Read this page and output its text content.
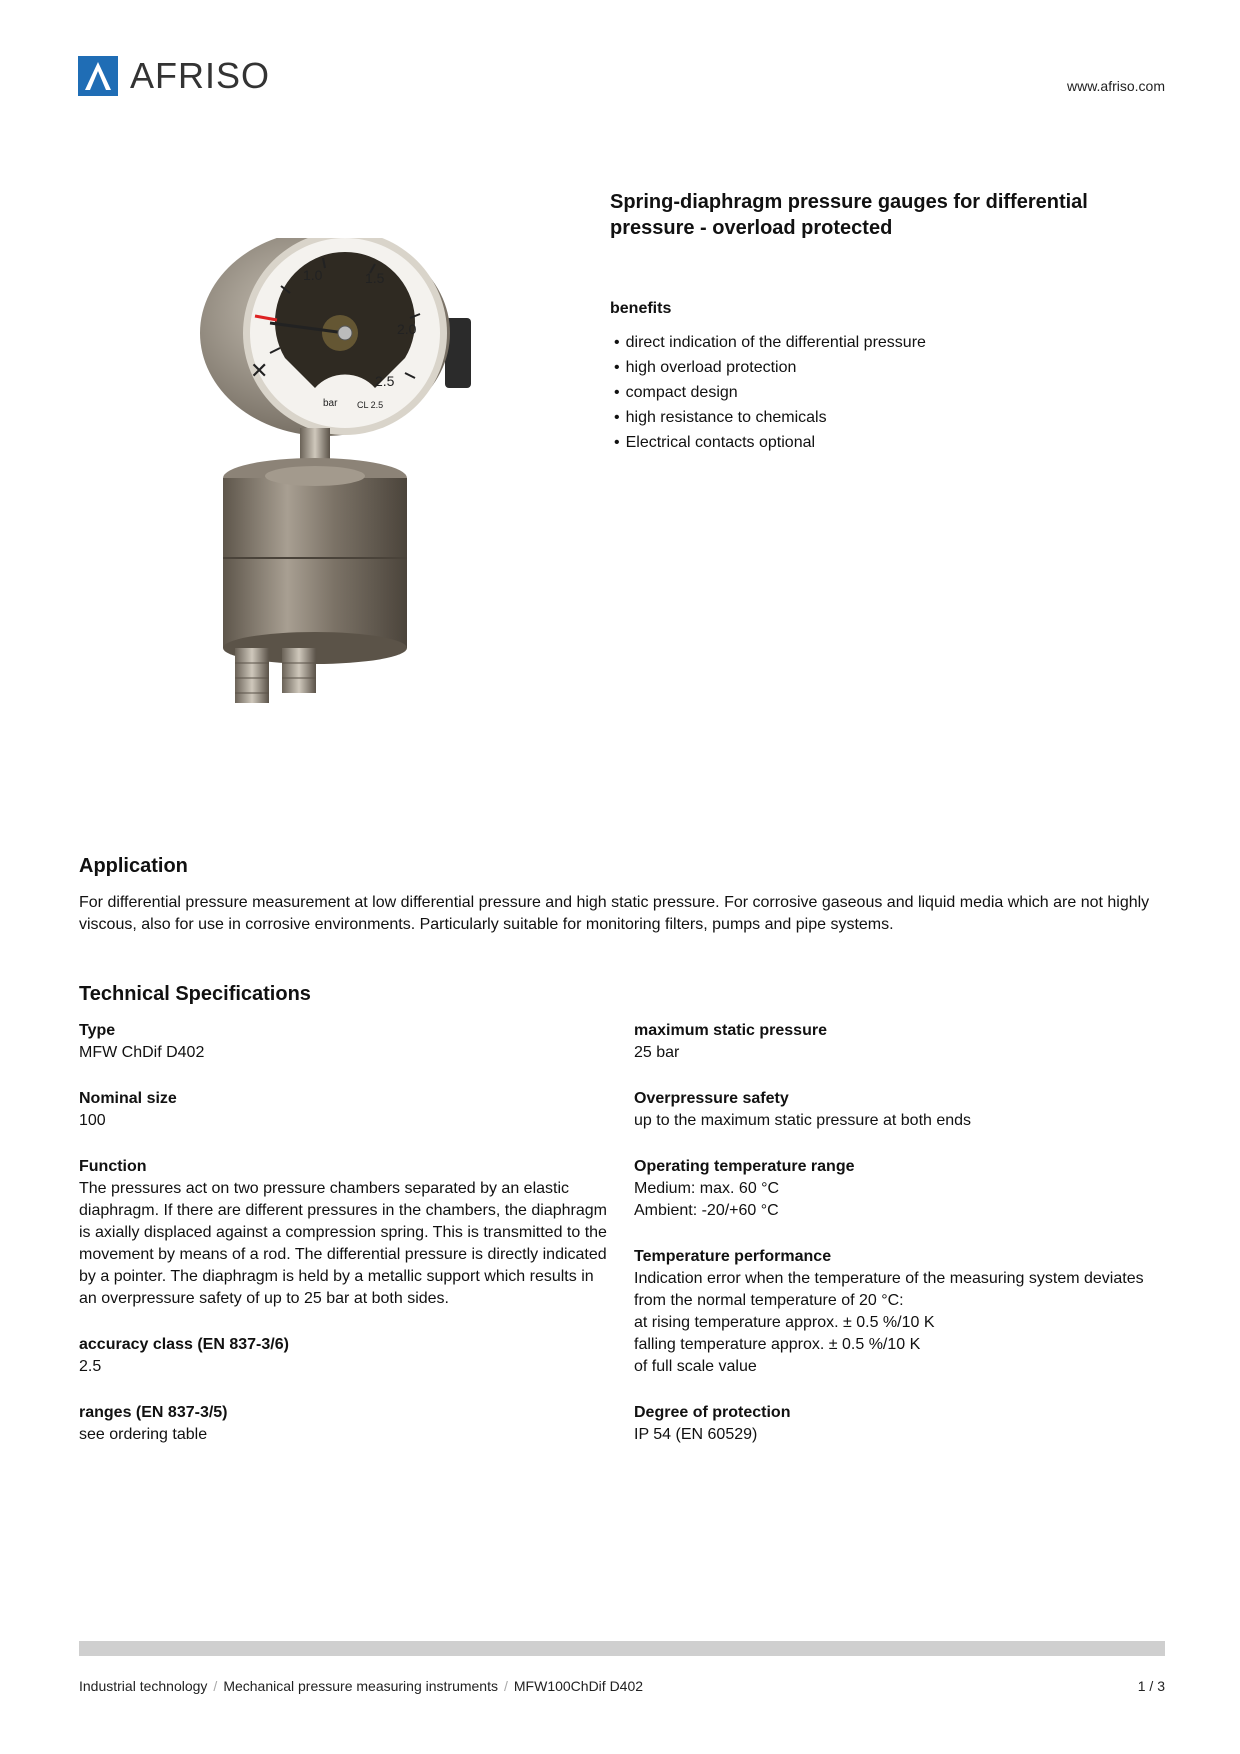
AFRISO	www.afriso.com
1.0	1.5
2.0
2.5
bar CL 2.5
✕
Spring-diaphragm pressure gauges for differential pressure - overload protected
benefits
• direct indication of the differential pressure
• high overload protection
• compact design
• high resistance to chemicals
• Electrical contacts optional
Application
For differential pressure measurement at low differential pressure and high static pressure. For corrosive gaseous and liquid media which are not highly viscous, also for use in corrosive environments. Particularly suitable for monitoring filters, pumps and pipe systems.
Technical Specifications
Type
MFW ChDif D402
Nominal size
100
Function
The pressures act on two pressure chambers separated by an elastic diaphragm. If there are different pressures in the chambers, the diaphragm is axially displaced against a compression spring. This is transmitted to the movement by means of a rod. The differential pressure is directly indicated by a pointer. The diaphragm is held by a metallic support which results in an overpressure safety of up to 25 bar at both sides.
accuracy class (EN 837-3/6)
2.5
ranges (EN 837-3/5)
see ordering table
maximum static pressure
25 bar
Overpressure safety
up to the maximum static pressure at both ends
Operating temperature range
Medium: max. 60 °C
Ambient: -20/+60 °C
Temperature performance
Indication error when the temperature of the measuring system deviates from the normal temperature of 20 °C:
at rising temperature approx. ± 0.5 %/10 K
falling temperature approx. ± 0.5 %/10 K
of full scale value
Degree of protection
IP 54 (EN 60529)
Industrial technology / Mechanical pressure measuring instruments / MFW100ChDif D402	1 / 3
